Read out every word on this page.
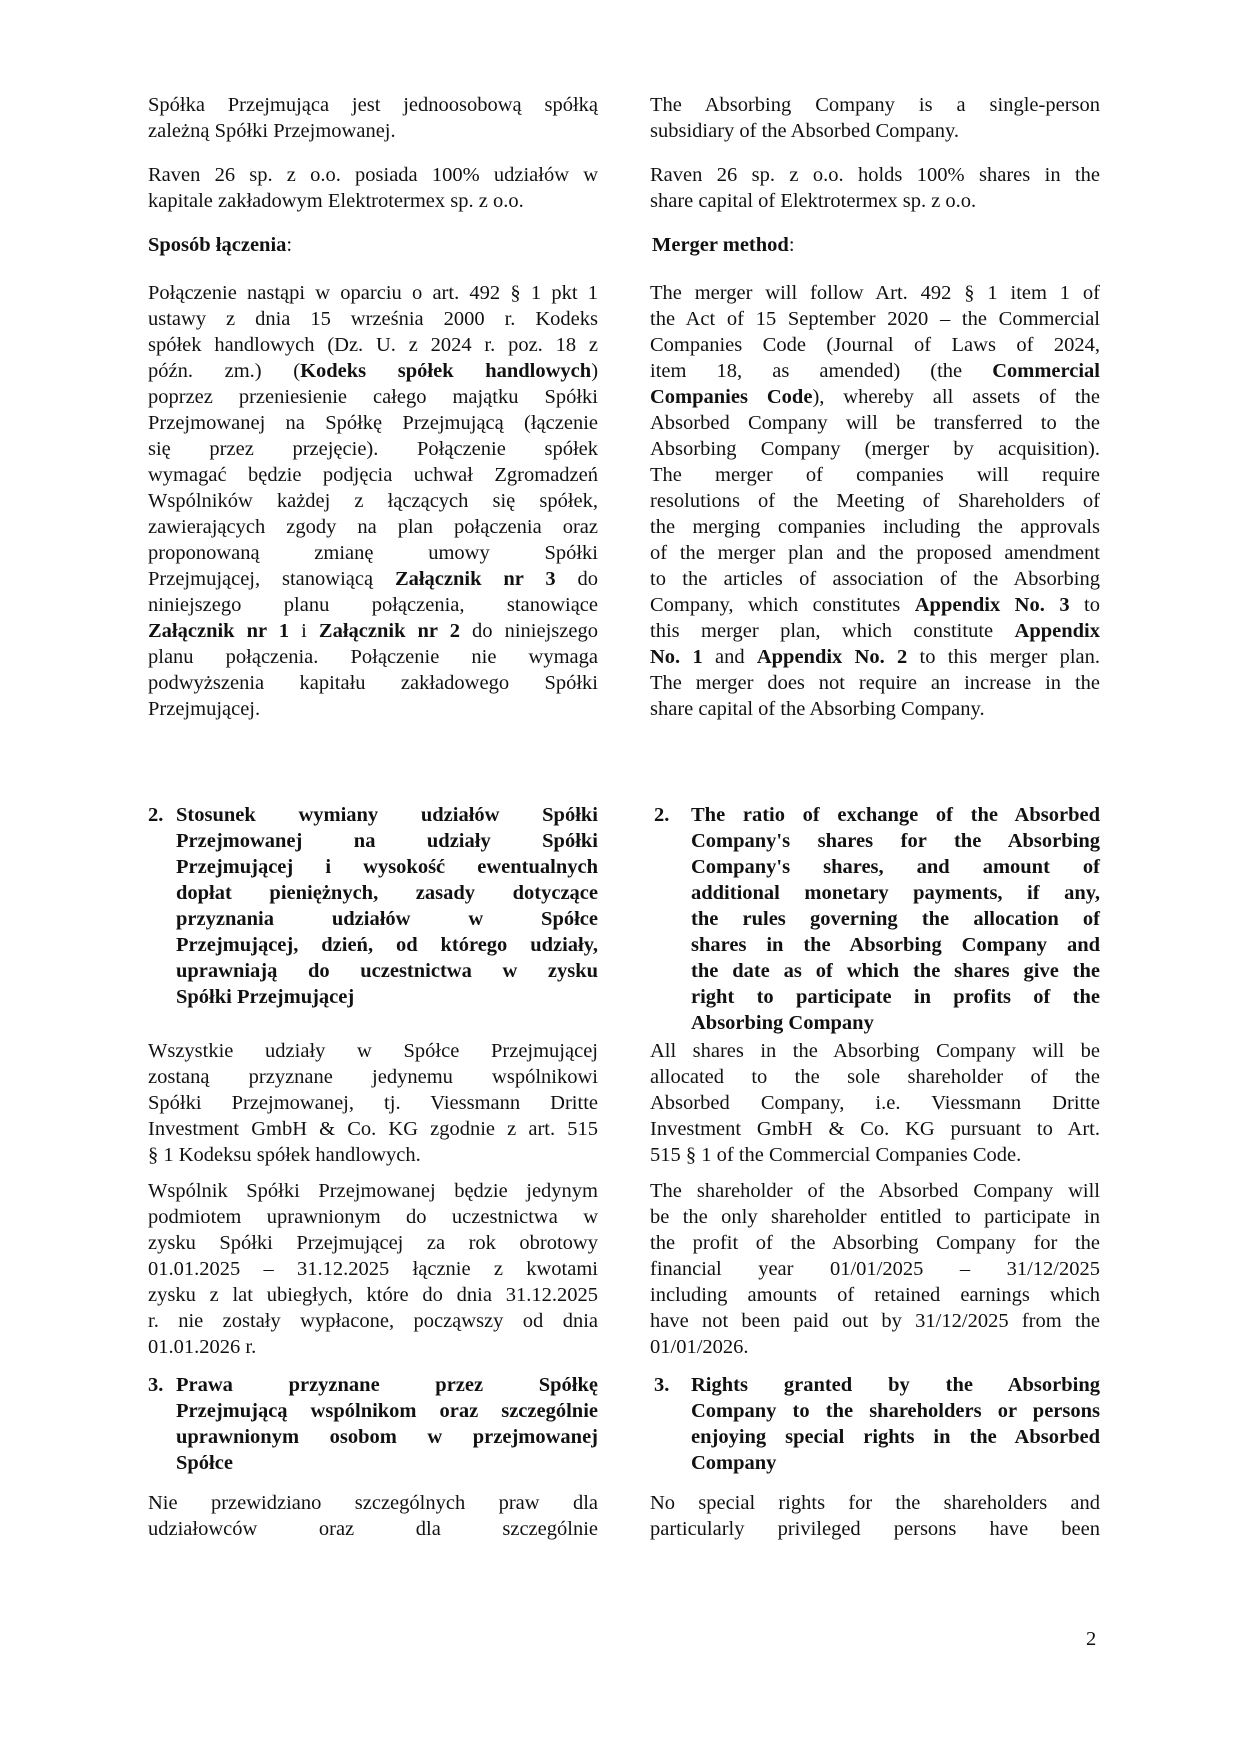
Spółka Przejmująca jest jednoosobową spółką
zależną Spółki Przejmowanej.
Raven 26 sp. z o.o. posiada 100% udziałów w
kapitale zakładowym Elektrotermex sp. z o.o.
Sposób łączenia:
Połączenie nastąpi w oparciu o art. 492 § 1 pkt 1
ustawy z dnia 15 września 2000 r. Kodeks
spółek handlowych (Dz. U. z 2024 r. poz. 18 z
późn. zm.) (Kodeks spółek handlowych)
poprzez przeniesienie całego majątku Spółki
Przejmowanej na Spółkę Przejmującą (łączenie
się przez przejęcie). Połączenie spółek
wymagać będzie podjęcia uchwał Zgromadzeń
Wspólników każdej z łączących się spółek,
zawierających zgody na plan połączenia oraz
proponowaną zmianę umowy Spółki
Przejmującej, stanowiącą Załącznik nr 3 do
niniejszego planu połączenia, stanowiące
Załącznik nr 1 i Załącznik nr 2 do niniejszego
planu połączenia. Połączenie nie wymaga
podwyższenia kapitału zakładowego Spółki
Przejmującej.
2. Stosunek wymiany udziałów Spółki
Przejmowanej na udziały Spółki
Przejmującej i wysokość ewentualnych
dopłat pieniężnych, zasady dotyczące
przyznania udziałów w Spółce
Przejmującej, dzień, od którego udziały,
uprawniają do uczestnictwa w zysku
Spółki Przejmującej
Wszystkie udziały w Spółce Przejmującej
zostaną przyznane jedynemu wspólnikowi
Spółki Przejmowanej, tj. Viessmann Dritte
Investment GmbH & Co. KG zgodnie z art. 515
§ 1 Kodeksu spółek handlowych.
Wspólnik Spółki Przejmowanej będzie jedynym
podmiotem uprawnionym do uczestnictwa w
zysku Spółki Przejmującej za rok obrotowy
01.01.2025 – 31.12.2025 łącznie z kwotami
zysku z lat ubiegłych, które do dnia 31.12.2025
r. nie zostały wypłacone, począwszy od dnia
01.01.2026 r.
3. Prawa przyznane przez Spółkę
Przejmującą wspólnikom oraz szczególnie
uprawnionym osobom w przejmowanej
Spółce
Nie przewidziano szczególnych praw dla
udziałowców oraz dla szczególnie
The Absorbing Company is a single-person
subsidiary of the Absorbed Company.
Raven 26 sp. z o.o. holds 100% shares in the
share capital of Elektrotermex sp. z o.o.
Merger method:
The merger will follow Art. 492 § 1 item 1 of
the Act of 15 September 2020 – the Commercial
Companies Code (Journal of Laws of 2024,
item 18, as amended) (the Commercial
Companies Code), whereby all assets of the
Absorbed Company will be transferred to the
Absorbing Company (merger by acquisition).
The merger of companies will require
resolutions of the Meeting of Shareholders of
the merging companies including the approvals
of the merger plan and the proposed amendment
to the articles of association of the Absorbing
Company, which constitutes Appendix No. 3 to
this merger plan, which constitute Appendix
No. 1 and Appendix No. 2 to this merger plan.
The merger does not require an increase in the
share capital of the Absorbing Company.
2.	The ratio of exchange of the Absorbed
Company's shares for the Absorbing
Company's shares, and amount of
additional monetary payments, if any,
the rules governing the allocation of
shares in the Absorbing Company and
the date as of which the shares give the
right to participate in profits of the
Absorbing Company
All shares in the Absorbing Company will be
allocated to the sole shareholder of the
Absorbed Company, i.e. Viessmann Dritte
Investment GmbH & Co. KG pursuant to Art.
515 § 1 of the Commercial Companies Code.
The shareholder of the Absorbed Company will
be the only shareholder entitled to participate in
the profit of the Absorbing Company for the
financial year 01/01/2025 – 31/12/2025
including amounts of retained earnings which
have not been paid out by 31/12/2025 from the
01/01/2026.
3.	Rights granted by the Absorbing
Company to the shareholders or persons
enjoying special rights in the Absorbed
Company
No special rights for the shareholders and
particularly privileged persons have been
2
